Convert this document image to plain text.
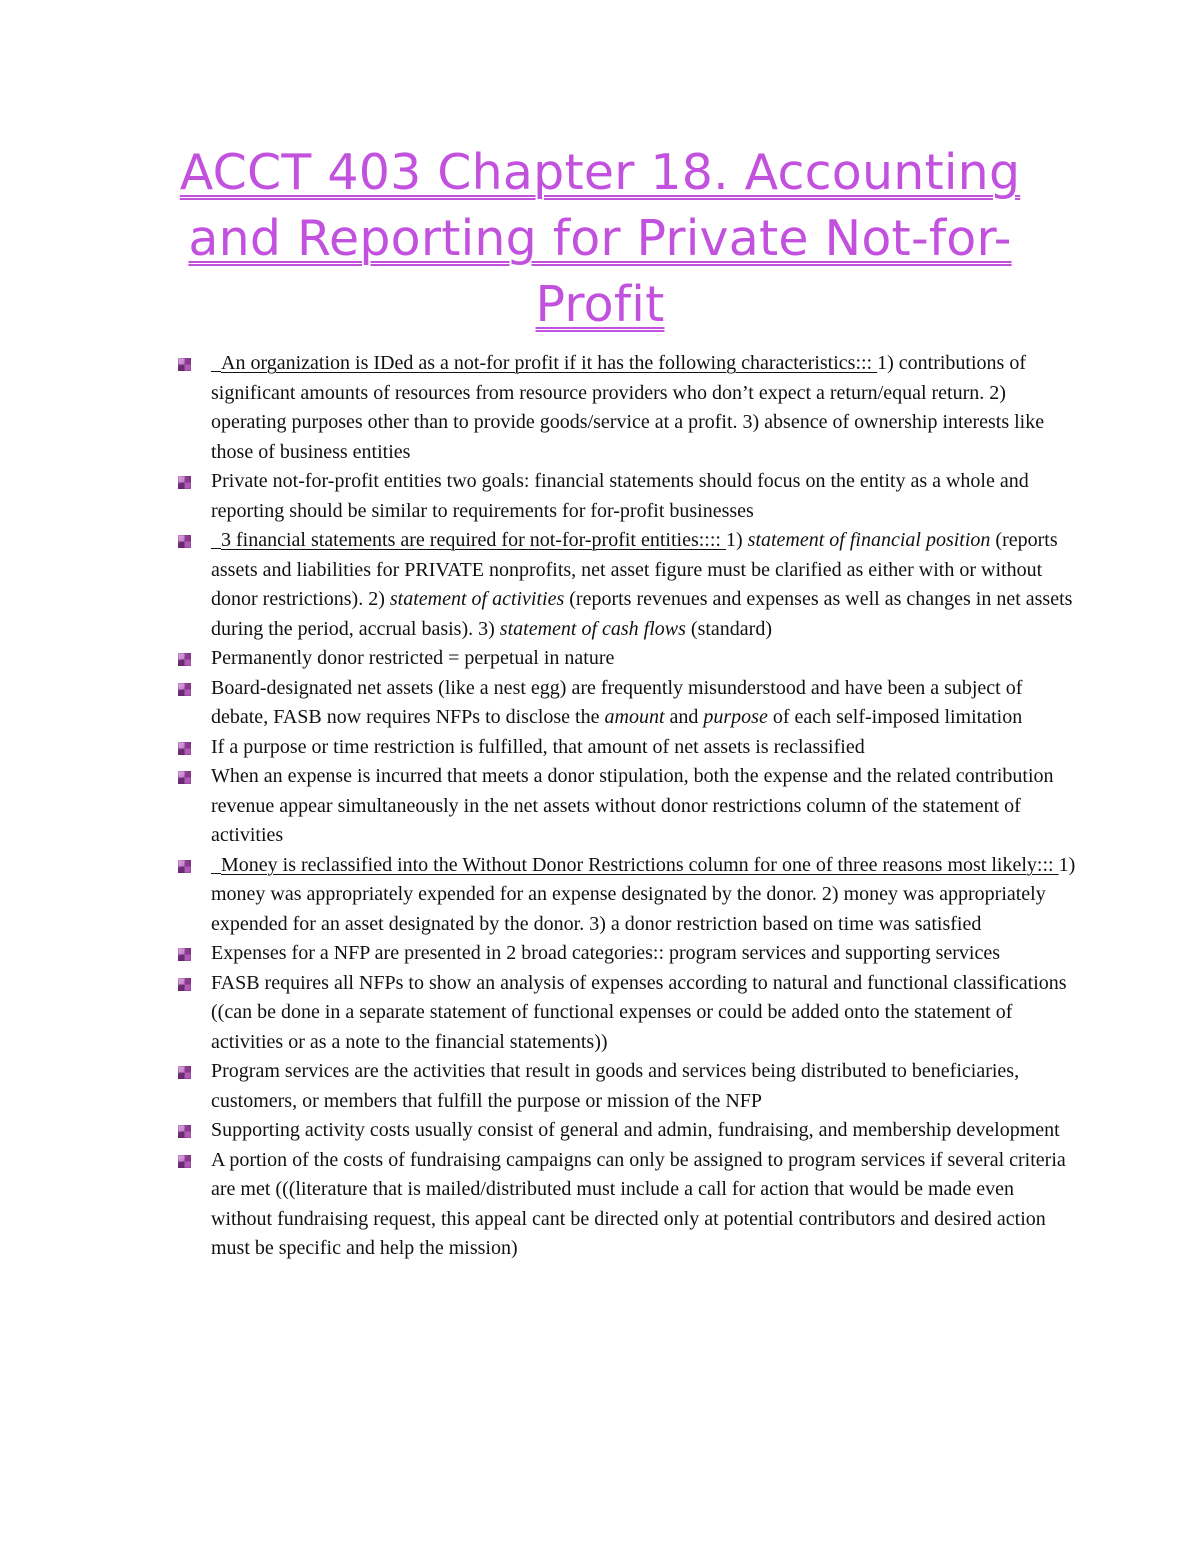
ACCT 403 Chapter 18. Accounting
and Reporting for Private Not-for-
Profit
An organization is IDed as a not-for profit if it has the following characteristics::: 1) contributions of significant amounts of resources from resource providers who don’t expect a return/equal return. 2) operating purposes other than to provide goods/service at a profit. 3) absence of ownership interests like those of business entities
Private not-for-profit entities two goals: financial statements should focus on the entity as a whole and reporting should be similar to requirements for for-profit businesses
3 financial statements are required for not-for-profit entities:::: 1) statement of financial position (reports assets and liabilities for PRIVATE nonprofits, net asset figure must be clarified as either with or without donor restrictions). 2) statement of activities (reports revenues and expenses as well as changes in net assets during the period, accrual basis). 3) statement of cash flows (standard)
Permanently donor restricted = perpetual in nature
Board-designated net assets (like a nest egg) are frequently misunderstood and have been a subject of debate, FASB now requires NFPs to disclose the amount and purpose of each self-imposed limitation
If a purpose or time restriction is fulfilled, that amount of net assets is reclassified
When an expense is incurred that meets a donor stipulation, both the expense and the related contribution revenue appear simultaneously in the net assets without donor restrictions column of the statement of activities
Money is reclassified into the Without Donor Restrictions column for one of three reasons most likely::: 1) money was appropriately expended for an expense designated by the donor. 2) money was appropriately expended for an asset designated by the donor. 3) a donor restriction based on time was satisfied
Expenses for a NFP are presented in 2 broad categories:: program services and supporting services
FASB requires all NFPs to show an analysis of expenses according to natural and functional classifications ((can be done in a separate statement of functional expenses or could be added onto the statement of activities or as a note to the financial statements))
Program services are the activities that result in goods and services being distributed to beneficiaries, customers, or members that fulfill the purpose or mission of the NFP
Supporting activity costs usually consist of general and admin, fundraising, and membership development
A portion of the costs of fundraising campaigns can only be assigned to program services if several criteria are met (((literature that is mailed/distributed must include a call for action that would be made even without fundraising request, this appeal cant be directed only at potential contributors and desired action must be specific and help the mission)
